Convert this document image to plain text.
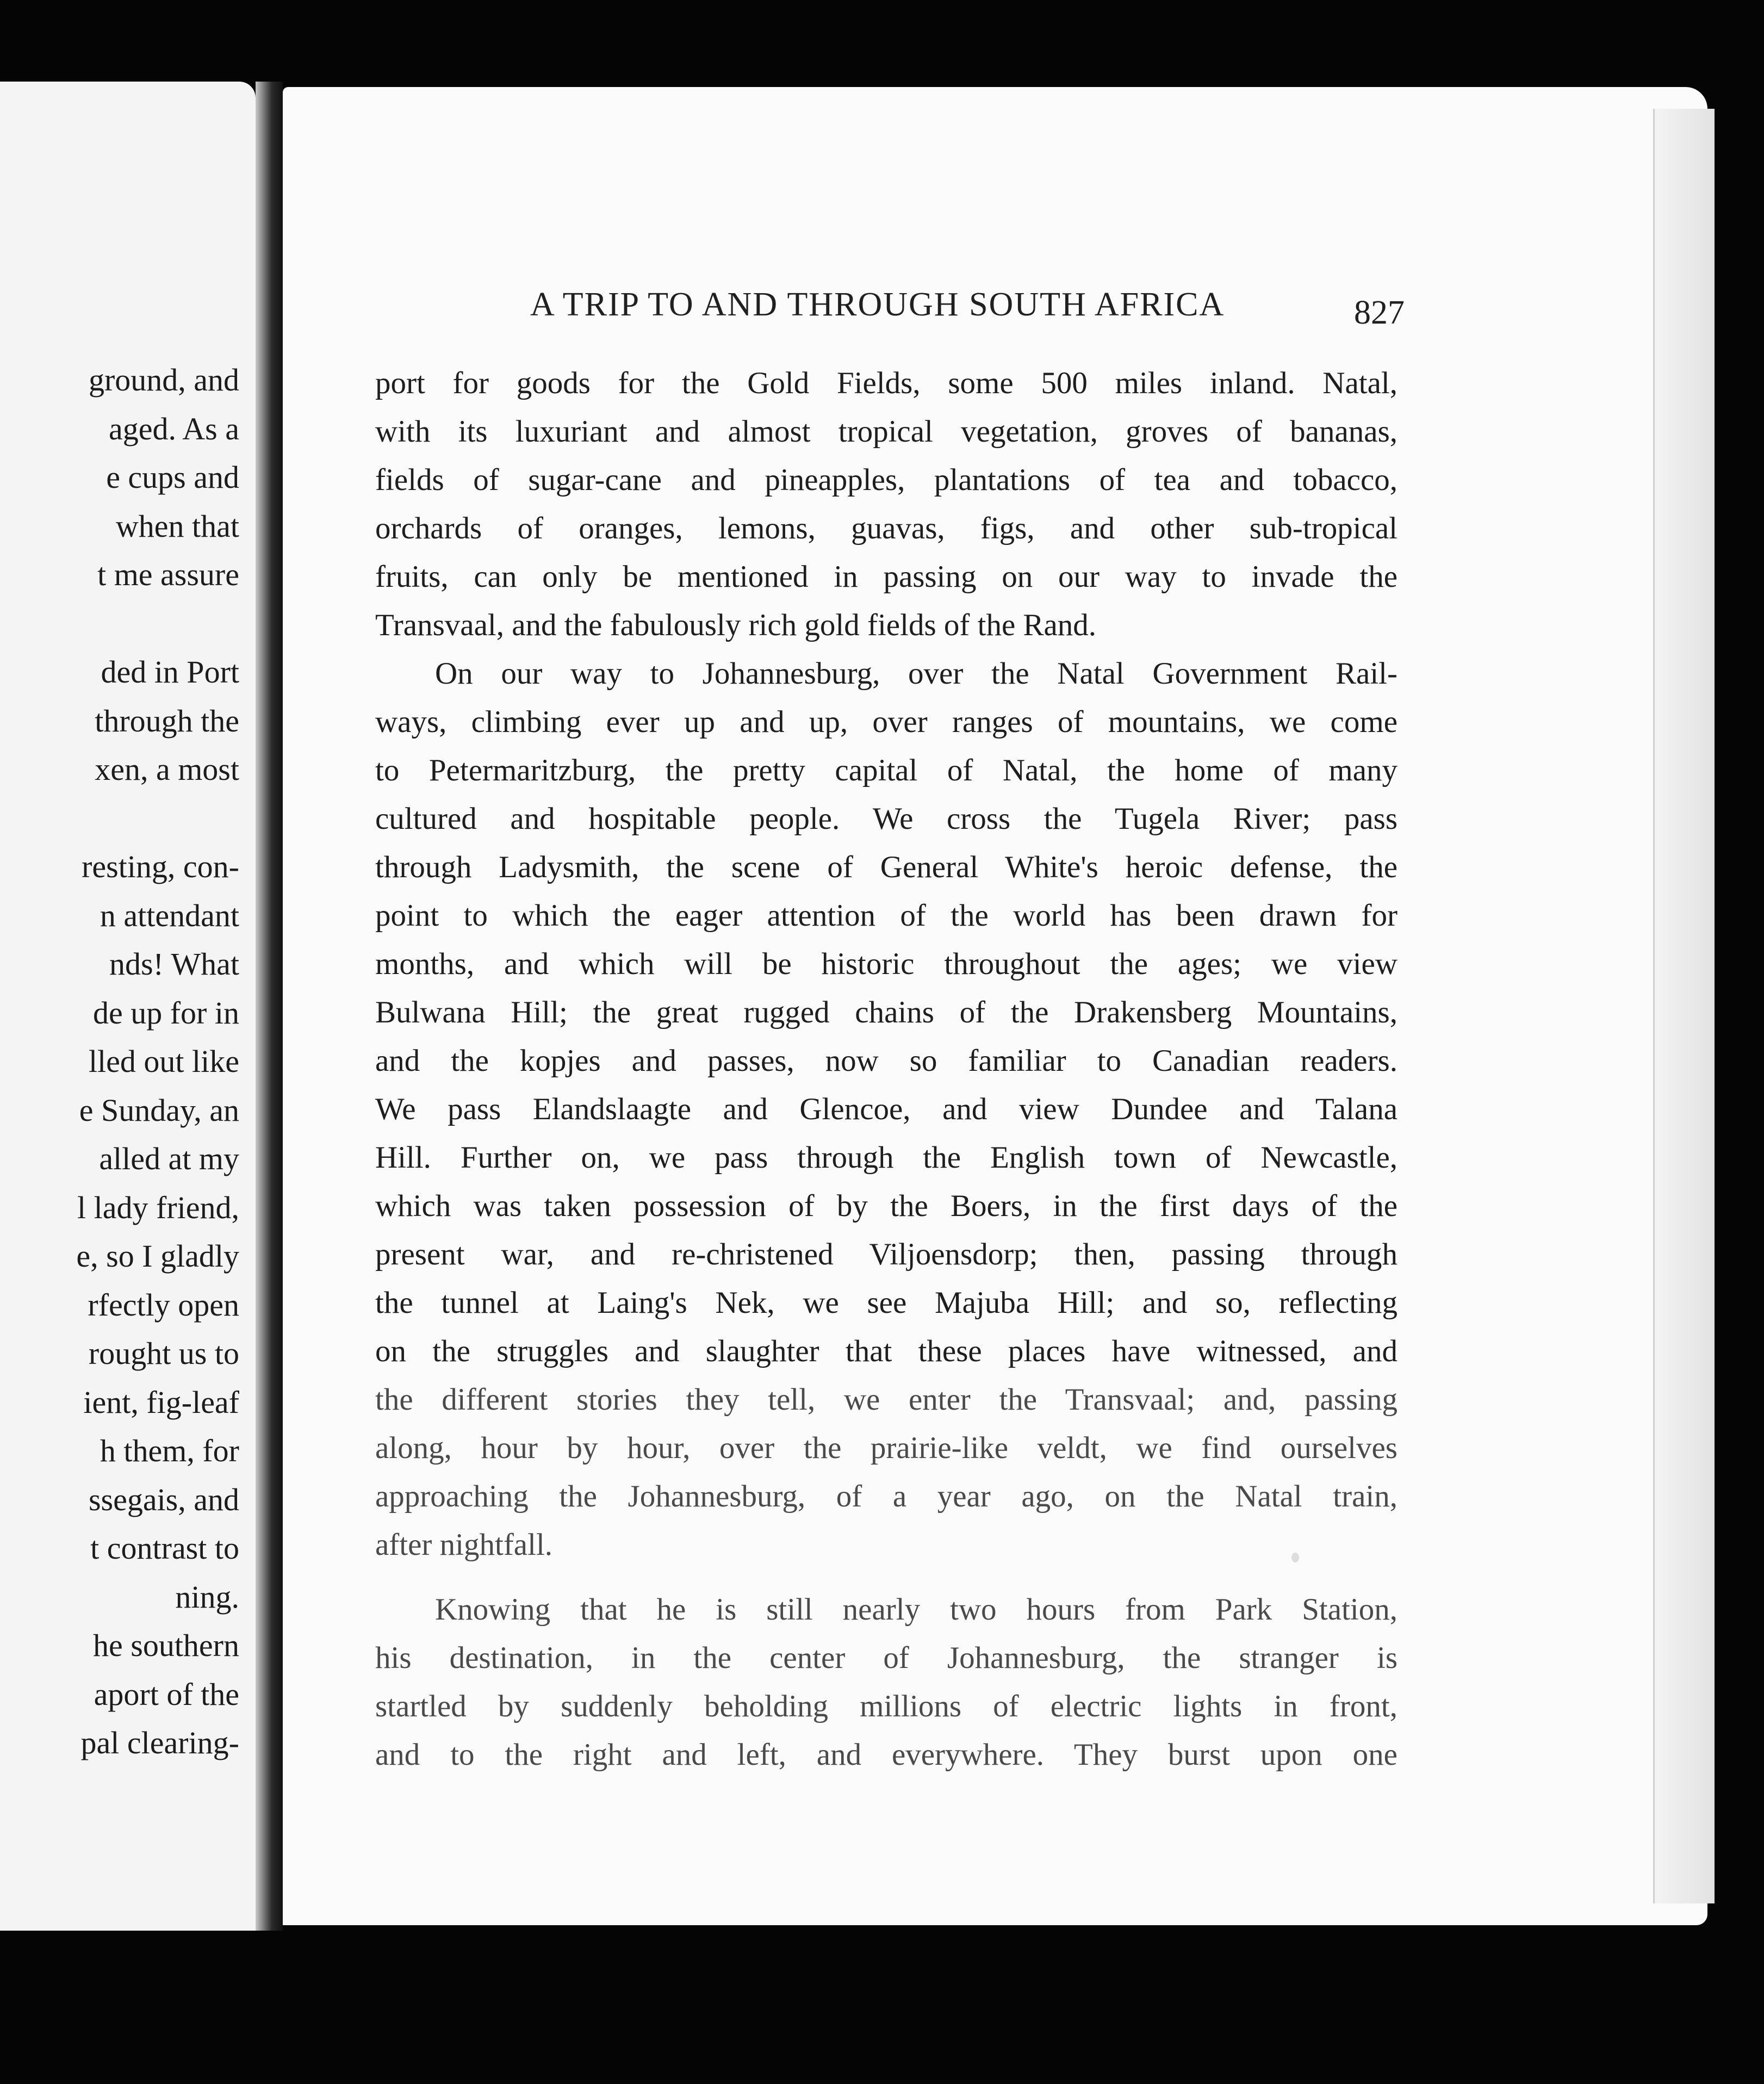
ground, and
aged. As a
e cups and
when that
t me assure
ded in Port
through the
xen, a most
resting, con-
n attendant
nds! What
de up for in
lled out like
e Sunday, an
alled at my
l lady friend,
e, so I gladly
rfectly open
rought us to
ient, fig-leaf
h them, for
ssegais, and
t contrast to
ning.
he southern
aport of the
pal clearing-
A TRIP TO AND THROUGH SOUTH AFRICA	827
port for goods for the Gold Fields, some 500 miles inland. Natal,
with its luxuriant and almost tropical vegetation, groves of bananas,
fields of sugar-cane and pineapples, plantations of tea and tobacco,
orchards of oranges, lemons, guavas, figs, and other sub-tropical
fruits, can only be mentioned in passing on our way to invade the
Transvaal, and the fabulously rich gold fields of the Rand.
On our way to Johannesburg, over the Natal Government Rail-
ways, climbing ever up and up, over ranges of mountains, we come
to Petermaritzburg, the pretty capital of Natal, the home of many
cultured and hospitable people. We cross the Tugela River; pass
through Ladysmith, the scene of General White's heroic defense, the
point to which the eager attention of the world has been drawn for
months, and which will be historic throughout the ages; we view
Bulwana Hill; the great rugged chains of the Drakensberg Mountains,
and the kopjes and passes, now so familiar to Canadian readers.
We pass Elandslaagte and Glencoe, and view Dundee and Talana
Hill. Further on, we pass through the English town of Newcastle,
which was taken possession of by the Boers, in the first days of the
present war, and re-christened Viljoensdorp; then, passing through
the tunnel at Laing's Nek, we see Majuba Hill; and so, reflecting
on the struggles and slaughter that these places have witnessed, and
the different stories they tell, we enter the Transvaal; and, passing
along, hour by hour, over the prairie-like veldt, we find ourselves
approaching the Johannesburg, of a year ago, on the Natal train,
after nightfall.
Knowing that he is still nearly two hours from Park Station,
his destination, in the center of Johannesburg, the stranger is
startled by suddenly beholding millions of electric lights in front,
and to the right and left, and everywhere. They burst upon one
